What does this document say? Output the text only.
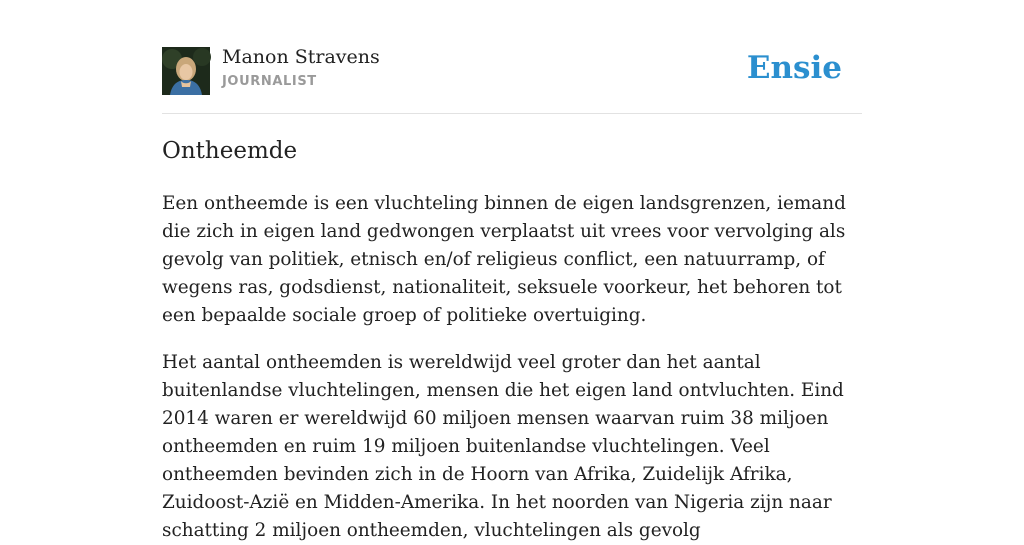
Manon Stravens
JOURNALIST	Ensie
Ontheemde

Een ontheemde is een vluchteling binnen de eigen landsgrenzen, iemand die zich in eigen land gedwongen verplaatst uit vrees voor vervolging als gevolg van politiek, etnisch en/of religieus conflict, een natuurramp, of wegens ras, godsdienst, nationaliteit, seksuele voorkeur, het behoren tot een bepaalde sociale groep of politieke overtuiging.

Het aantal ontheemden is wereldwijd veel groter dan het aantal buitenlandse vluchtelingen, mensen die het eigen land ontvluchten. Eind 2014 waren er wereldwijd 60 miljoen mensen waarvan ruim 38 miljoen ontheemden en ruim 19 miljoen buitenlandse vluchtelingen. Veel ontheemden bevinden zich in de Hoorn van Afrika, Zuidelijk Afrika, Zuidoost-Azië en Midden-Amerika. In het noorden van Nigeria zijn naar schatting 2 miljoen ontheemden, vluchtelingen als gevolg
